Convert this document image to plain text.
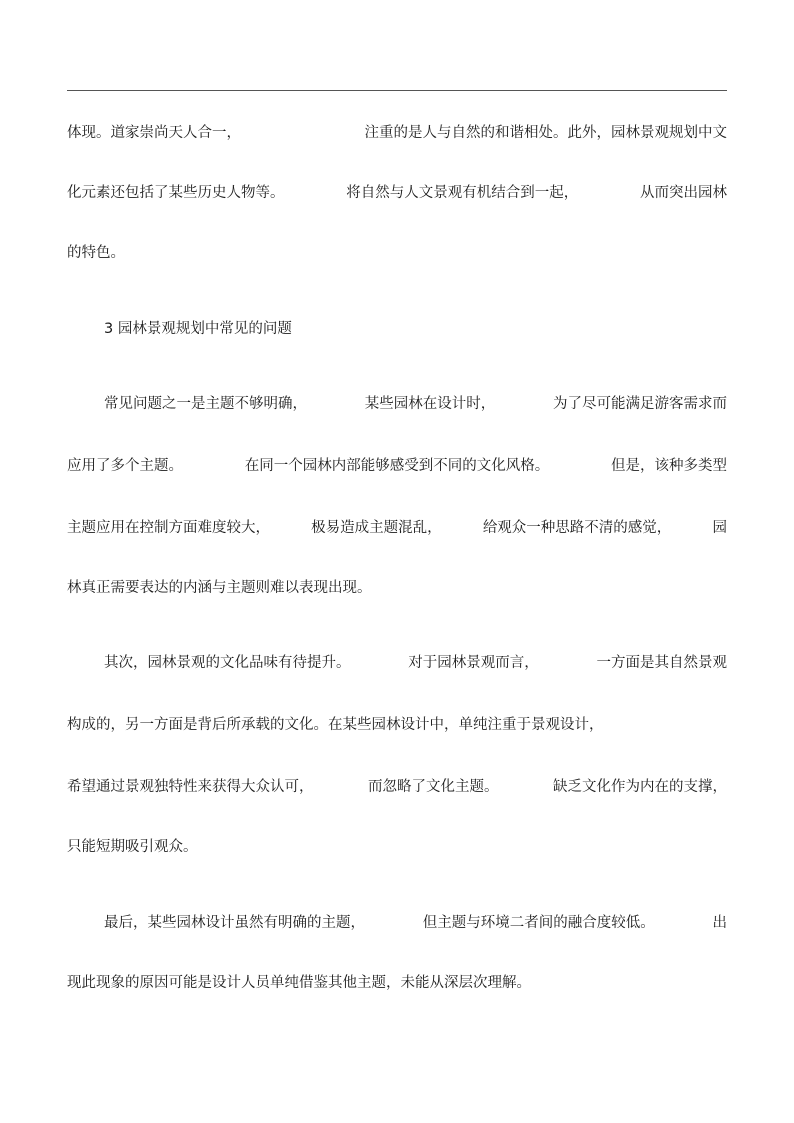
体现。道家崇尚天人合一，	注重的是人与自然的和谐相处。此外，园林景观规划中文
化元素还包括了某些历史人物等。	将自然与人文景观有机结合到一起，	从而突出园林
的特色。
3 园林景观规划中常见的问题
常见问题之一是主题不够明确，	某些园林在设计时，	为了尽可能满足游客需求而
应用了多个主题。	在同一个园林内部能够感受到不同的文化风格。	但是，该种多类型
主题应用在控制方面难度较大，	极易造成主题混乱，	给观众一种思路不清的感觉，	园
林真正需要表达的内涵与主题则难以表现出现。
其次，园林景观的文化品味有待提升。	对于园林景观而言，	一方面是其自然景观
构成的，另一方面是背后所承载的文化。在某些园林设计中，单纯注重于景观设计，
希望通过景观独特性来获得大众认可，	而忽略了文化主题。	缺乏文化作为内在的支撑，
只能短期吸引观众。
最后，某些园林设计虽然有明确的主题，	但主题与环境二者间的融合度较低。	出
现此现象的原因可能是设计人员单纯借鉴其他主题，未能从深层次理解。
